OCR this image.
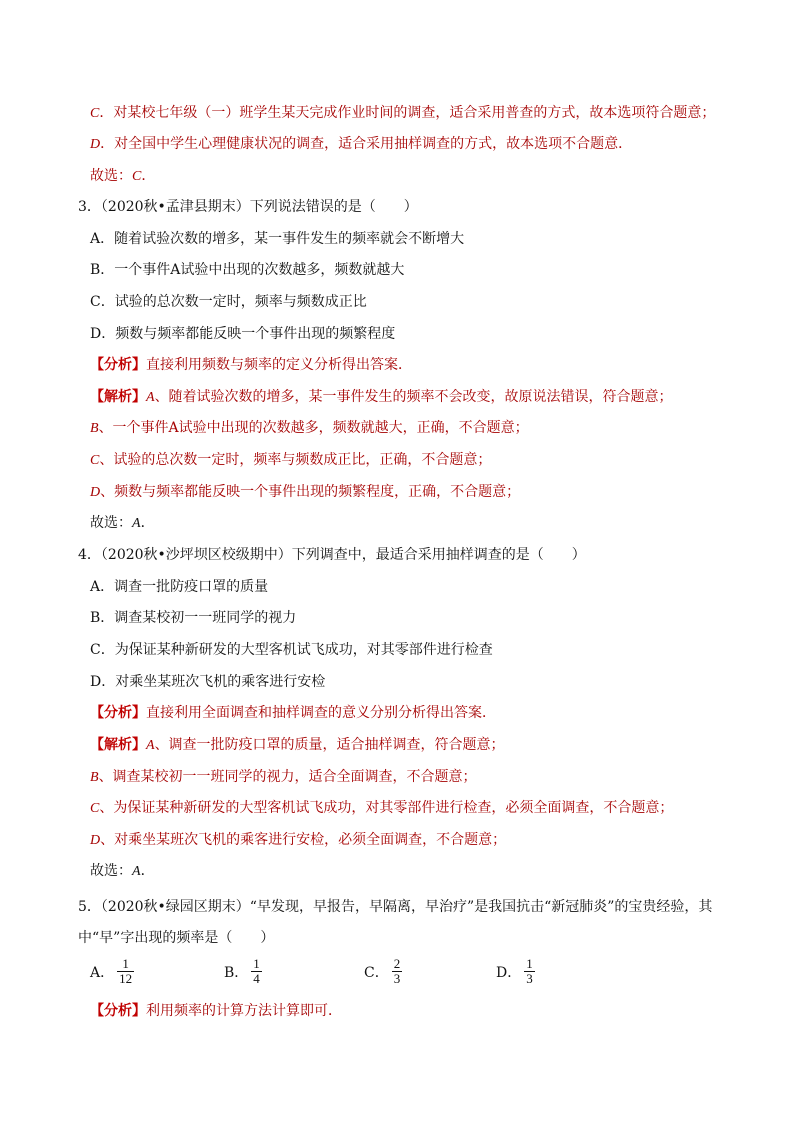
C．对某校七年级（一）班学生某天完成作业时间的调查，适合采用普查的方式，故本选项符合题意；
D．对全国中学生心理健康状况的调查，适合采用抽样调查的方式，故本选项不合题意．
故选：C．
3．（2020秋•孟津县期末）下列说法错误的是（　　）
A．随着试验次数的增多，某一事件发生的频率就会不断增大
B．一个事件A试验中出现的次数越多，频数就越大
C．试验的总次数一定时，频率与频数成正比
D．频数与频率都能反映一个事件出现的频繁程度
【分析】直接利用频数与频率的定义分析得出答案．
【解析】A、随着试验次数的增多，某一事件发生的频率不会改变，故原说法错误，符合题意；
B、一个事件A试验中出现的次数越多，频数就越大，正确，不合题意；
C、试验的总次数一定时，频率与频数成正比，正确，不合题意；
D、频数与频率都能反映一个事件出现的频繁程度，正确，不合题意；
故选：A．
4．（2020秋•沙坪坝区校级期中）下列调查中，最适合采用抽样调查的是（　　）
A．调查一批防疫口罩的质量
B．调查某校初一一班同学的视力
C．为保证某种新研发的大型客机试飞成功，对其零部件进行检查
D．对乘坐某班次飞机的乘客进行安检
【分析】直接利用全面调查和抽样调查的意义分别分析得出答案．
【解析】A、调查一批防疫口罩的质量，适合抽样调查，符合题意；
B、调查某校初一一班同学的视力，适合全面调查，不合题意；
C、为保证某种新研发的大型客机试飞成功，对其零部件进行检查，必须全面调查，不合题意；
D、对乘坐某班次飞机的乘客进行安检，必须全面调查，不合题意；
故选：A．
5．（2020秋•绿园区期末）“早发现，早报告，早隔离，早治疗”是我国抗击“新冠肺炎”的宝贵经验，其
中“早”字出现的频率是（　　）
A． $\frac{1}{12}$	B． $\frac{1}{4}$	C． $\frac{2}{3}$	D． $\frac{1}{3}$
【分析】利用频率的计算方法计算即可．
